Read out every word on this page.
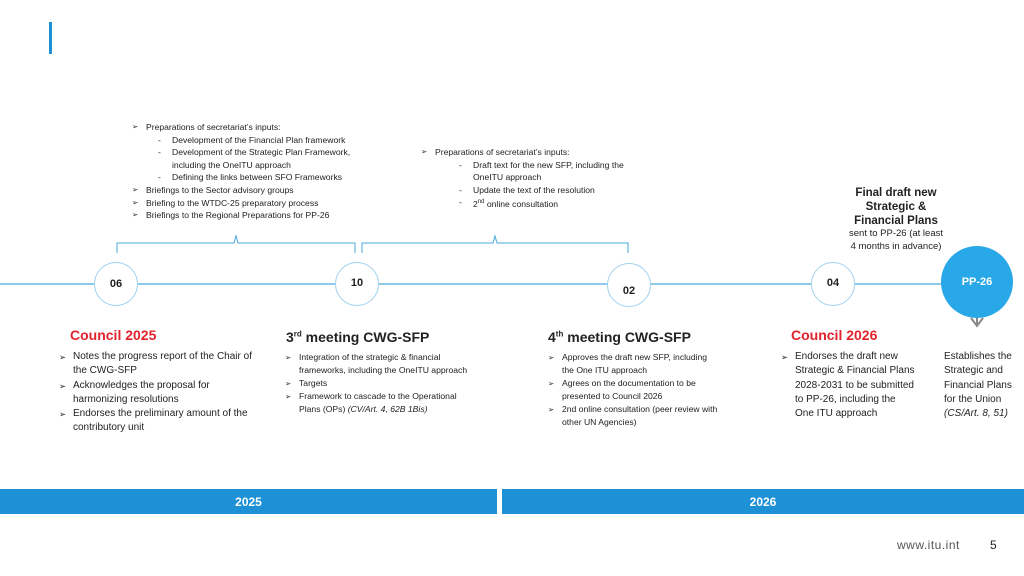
➢ Preparations of secretariat’s inputs:
- Development of the Financial Plan framework
- Development of the Strategic Plan Framework, including the OneITU approach
- Defining the links between SFO Frameworks
➢ Briefings to the Sector advisory groups
➢ Briefing to the WTDC-25 preparatory process
➢ Briefings to the Regional Preparations for PP-26
➢ Preparations of secretariat’s inputs:
- Draft text for the new SFP, including the OneITU approach
- Update the text of the resolution
- 2nd online consultation
Final draft new
Strategic &
Financial Plans
sent to PP-26 (at least
4 months in advance)
06	10
02
04	PP-26
Council 2025
➢ Notes the progress report of the Chair of the CWG-SFP
➢ Acknowledges the proposal for harmonizing resolutions
➢ Endorses the preliminary amount of the contributory unit
3rd meeting CWG-SFP
➢ Integration of the strategic & financial frameworks, including the OneITU approach
➢ Targets
➢ Framework to cascade to the Operational Plans (OPs) (CV/Art. 4, 62B 1Bis)
4th meeting CWG-SFP
➢ Approves the draft new SFP, including the One ITU approach
➢ Agrees on the documentation to be presented to Council 2026
➢ 2nd online consultation (peer review with other UN Agencies)
Council 2026
➢ Endorses the draft new Strategic & Financial Plans 2028-2031 to be submitted to PP-26, including the One ITU approach
Establishes the Strategic and Financial Plans for the Union
(CS/Art. 8, 51)
2025	2026
www.itu.int	5
